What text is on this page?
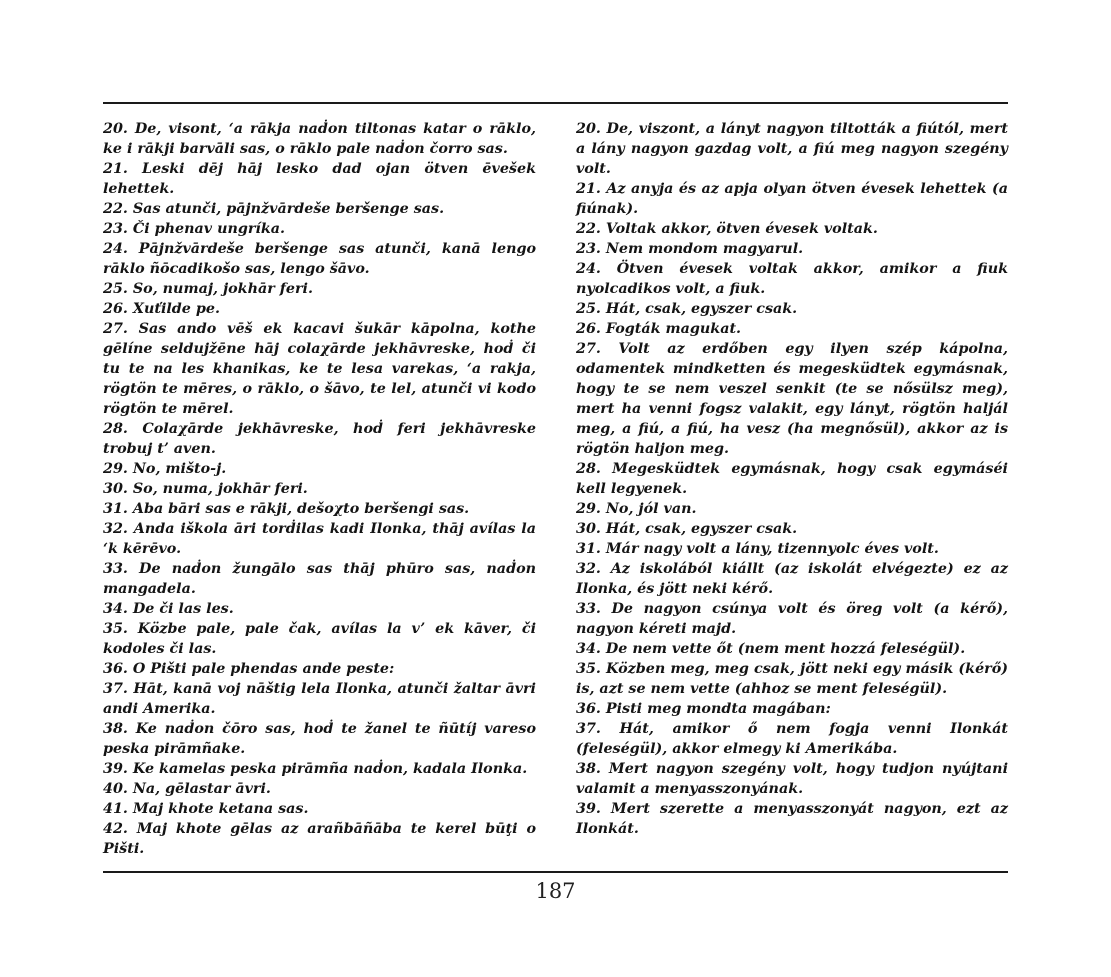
20. De, visont, ‘a rākja naḋon tiltonas katar o rāklo, ke i rākji barvāli sas, o rāklo pale naḋon čorro sas.

21. Leski dēj hāj lesko dad ojan ötven ēvešek lehettek.

22. Sas atunči, pājnžvārdeše beršenge sas.

23. Či phenav ungríka.

24. Pājnžvārdeše beršenge sas atunči, kanā lengo rāklo ñōcadikošo sas, lengo šāvo.

25. So, numaj, jokhār feri.

26. Xuťilde pe.

27. Sas ando vēš ek kacavi šukār kāpolna, kothe gēlíne seldujžēne hāj colaχārde jekhāvreske, hoḋ či tu te na les khanikas, ke te lesa varekas, ‘a rakja, rögtön te mēres, o rāklo, o šāvo, te lel, atunči vi kodo rögtön te mērel.

28. Colaχārde jekhāvreske, hoḋ feri jekhāvreske trobuj t’ aven.

29. No, mišto-j.

30. So, numa, jokhār feri.

31. Aba bāri sas e rākji, dešoχto beršengi sas.

32. Anda iškola āri torḋilas kadi Ilonka, thāj avílas la ‘k kērēvo.

33. De naḋon žungālo sas thāj phūro sas, naḋon mangadela.

34. De či las les.

35. Közbe pale, pale čak, avílas la v’ ek kāver, či kodoles či las.

36. O Pišti pale phendas ande peste:

37. Hāt, kanā voj nāštig lela Ilonka, atunči žaltar āvri andi Amerika.

38. Ke naḋon čōro sas, hoḋ te žanel te ñūtíj vareso peska pirāmñake.

39. Ke kamelas peska pirāmña naḋon, kadala Ilonka.

40. Na, gēlastar āvri.

41. Maj khote ketana sas.

42. Maj khote gēlas az arañbāñāba te kerel būţi o Pišti.

20. De, viszont, a lányt nagyon tiltották a fiútól, mert a lány nagyon gazdag volt, a fiú meg nagyon szegény volt.

21. Az anyja és az apja olyan ötven évesek lehettek (a fiúnak).

22. Voltak akkor, ötven évesek voltak.

23. Nem mondom magyarul.

24. Ötven évesek voltak akkor, amikor a fiuk nyolcadikos volt, a fiuk.

25. Hát, csak, egyszer csak.

26. Fogták magukat.

27. Volt az erdőben egy ilyen szép kápolna, odamentek mindketten és megesküdtek egymásnak, hogy te se nem veszel senkit (te se nősülsz meg), mert ha venni fogsz valakit, egy lányt, rögtön haljál meg, a fiú, a fiú, ha vesz (ha megnősül), akkor az is rögtön haljon meg.

28. Megesküdtek egymásnak, hogy csak egymáséi kell legyenek.

29. No, jól van.

30. Hát, csak, egyszer csak.

31. Már nagy volt a lány, tizennyolc éves volt.

32. Az iskolából kiállt (az iskolát elvégezte) ez az Ilonka, és jött neki kérő.

33. De nagyon csúnya volt és öreg volt (a kérő), nagyon kéreti majd.

34. De nem vette őt (nem ment hozzá feleségül).

35. Közben meg, meg csak, jött neki egy másik (kérő) is, azt se nem vette (ahhoz se ment feleségül).

36. Pisti meg mondta magában:

37. Hát, amikor ő nem fogja venni Ilonkát (feleségül), akkor elmegy ki Amerikába.

38. Mert nagyon szegény volt, hogy tudjon nyújtani valamit a menyasszonyának.

39. Mert szerette a menyasszonyát nagyon, ezt az Ilonkát.

187
